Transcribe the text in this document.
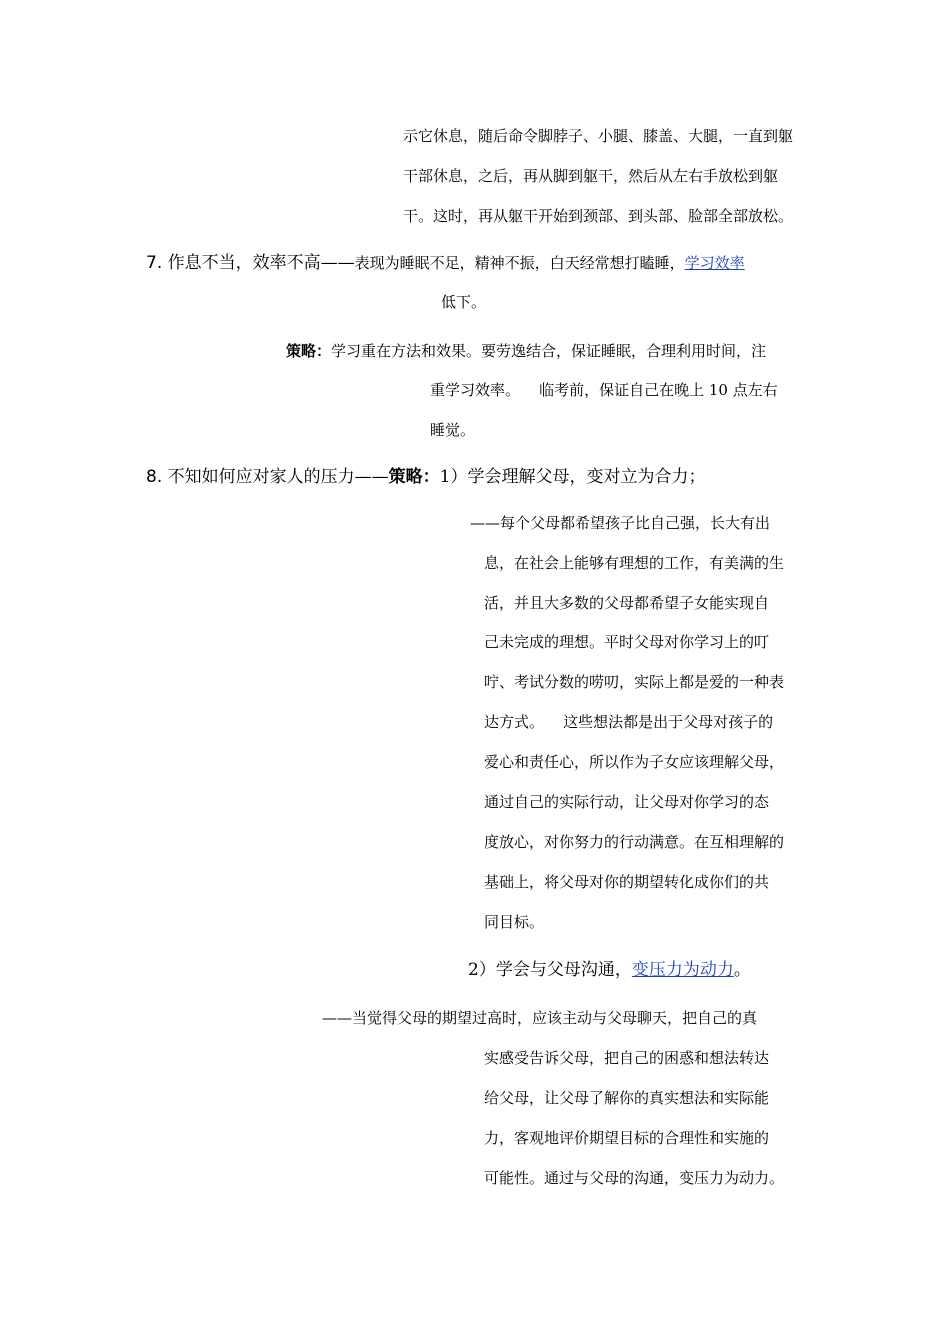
示它休息，随后命令脚脖子、小腿、膝盖、大腿，一直到躯
干部休息，之后，再从脚到躯干，然后从左右手放松到躯
干。这时，再从躯干开始到颈部、到头部、脸部全部放松。
7. 作息不当，效率不高——表现为睡眠不足，精神不振，白天经常想打瞌睡，学习效率
低下。
策略：学习重在方法和效果。要劳逸结合，保证睡眠，合理利用时间，注
重学习效率。    临考前，保证自己在晚上 10 点左右
睡觉。
8. 不知如何应对家人的压力——策略：1）学会理解父母，变对立为合力；
——每个父母都希望孩子比自己强，长大有出
息，在社会上能够有理想的工作，有美满的生
活，并且大多数的父母都希望子女能实现自
己未完成的理想。平时父母对你学习上的叮
咛、考试分数的唠叨，实际上都是爱的一种表
达方式。    这些想法都是出于父母对孩子的
爱心和责任心，所以作为子女应该理解父母，
通过自己的实际行动，让父母对你学习的态
度放心，对你努力的行动满意。在互相理解的
基础上，将父母对你的期望转化成你们的共
同目标。
2）学会与父母沟通，变压力为动力。
——当觉得父母的期望过高时，应该主动与父母聊天，把自己的真
实感受告诉父母，把自己的困惑和想法转达
给父母，让父母了解你的真实想法和实际能
力，客观地评价期望目标的合理性和实施的
可能性。通过与父母的沟通，变压力为动力。
